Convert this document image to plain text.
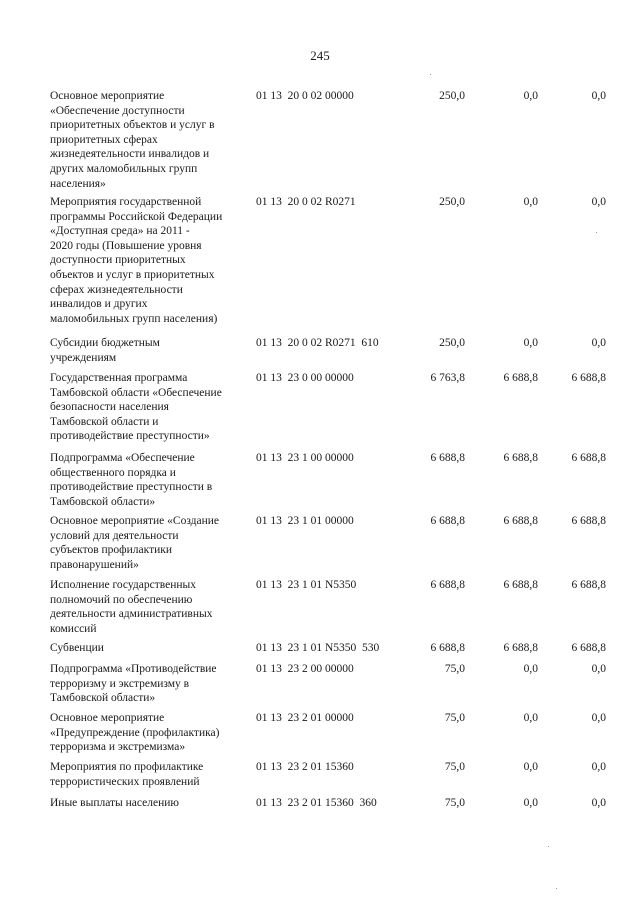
245
Основное мероприятие
«Обеспечение доступности
приоритетных объектов и услуг в
приоритетных сферах
жизнедеятельности инвалидов и
других маломобильных групп
населения»
01 13  20 0 02 00000	250,0	0,0	0,0
Мероприятия государственной
программы Российской Федерации
«Доступная среда» на 2011 -
2020 годы (Повышение уровня
доступности приоритетных
объектов и услуг в приоритетных
сферах жизнедеятельности
инвалидов и других
маломобильных групп населения)
01 13  20 0 02 R0271	250,0	0,0	0,0
Субсидии бюджетным
учреждениям
01 13  20 0 02 R0271  610	250,0	0,0	0,0
Государственная программа
Тамбовской области «Обеспечение
безопасности населения
Тамбовской области и
противодействие преступности»
01 13  23 0 00 00000	6 763,8	6 688,8	6 688,8
Подпрограмма «Обеспечение
общественного порядка и
противодействие преступности в
Тамбовской области»
01 13  23 1 00 00000	6 688,8	6 688,8	6 688,8
Основное мероприятие «Создание
условий для деятельности
субъектов профилактики
правонарушений»
01 13  23 1 01 00000	6 688,8	6 688,8	6 688,8
Исполнение государственных
полномочий по обеспечению
деятельности административных
комиссий
01 13  23 1 01 N5350	6 688,8	6 688,8	6 688,8
Субвенции	01 13  23 1 01 N5350  530	6 688,8	6 688,8	6 688,8
Подпрограмма «Противодействие
терроризму и экстремизму в
Тамбовской области»
01 13  23 2 00 00000	75,0	0,0	0,0
Основное мероприятие
«Предупреждение (профилактика)
терроризма и экстремизма»
01 13  23 2 01 00000	75,0	0,0	0,0
Мероприятия по профилактике
террористических проявлений
01 13  23 2 01 15360	75,0	0,0	0,0
Иные выплаты населению	01 13  23 2 01 15360  360	75,0	0,0	0,0
